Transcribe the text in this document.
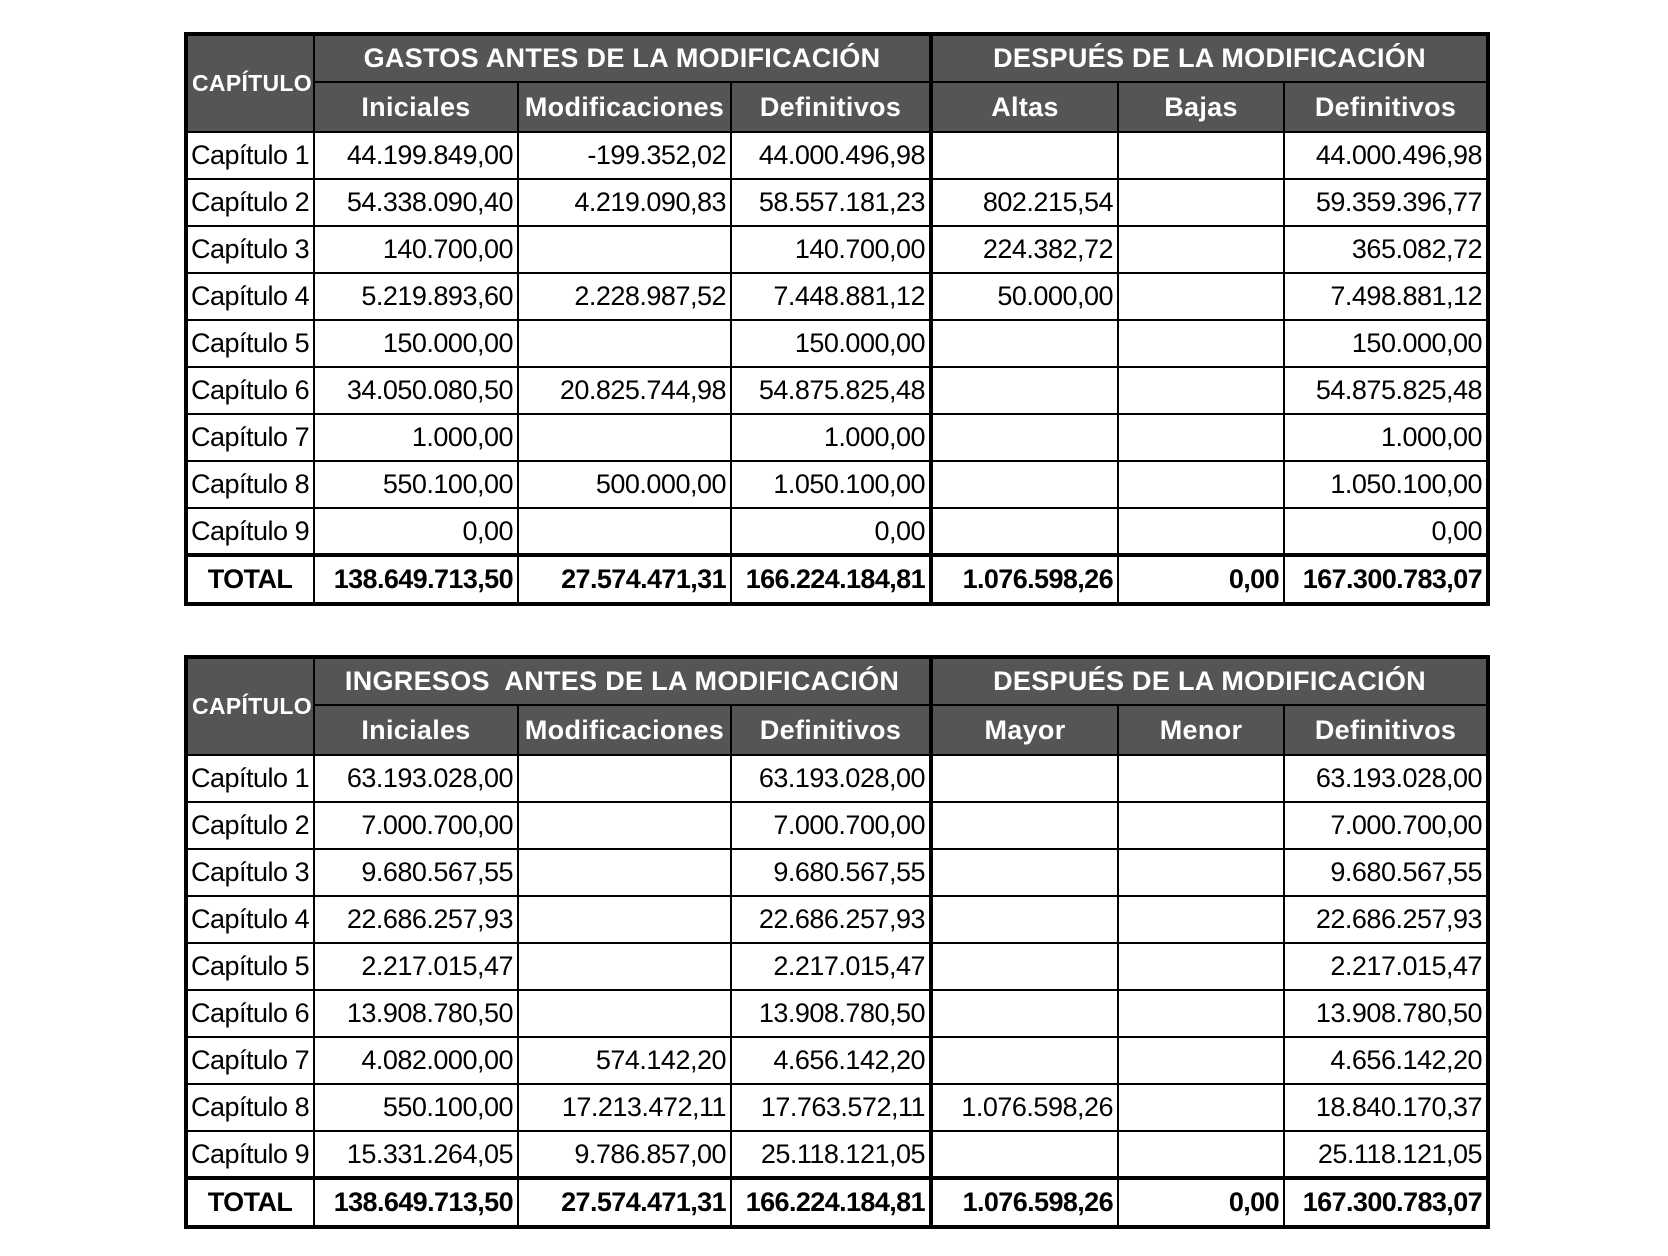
CAPÍTULO	GASTOS ANTES DE LA MODIFICACIÓN			DESPUÉS DE LA MODIFICACIÓN		
	Iniciales	Modificaciones	Definitivos	Altas	Bajas	Definitivos
Capítulo 1	44.199.849,00	-199.352,02	44.000.496,98			44.000.496,98
Capítulo 2	54.338.090,40	4.219.090,83	58.557.181,23	802.215,54		59.359.396,77
Capítulo 3	140.700,00		140.700,00	224.382,72		365.082,72
Capítulo 4	5.219.893,60	2.228.987,52	7.448.881,12	50.000,00		7.498.881,12
Capítulo 5	150.000,00		150.000,00			150.000,00
Capítulo 6	34.050.080,50	20.825.744,98	54.875.825,48			54.875.825,48
Capítulo 7	1.000,00		1.000,00			1.000,00
Capítulo 8	550.100,00	500.000,00	1.050.100,00			1.050.100,00
Capítulo 9	0,00		0,00			0,00
TOTAL	138.649.713,50	27.574.471,31	166.224.184,81	1.076.598,26	0,00	167.300.783,07
CAPÍTULO	INGRESOS  ANTES DE LA MODIFICACIÓN			DESPUÉS DE LA MODIFICACIÓN		
	Iniciales	Modificaciones	Definitivos	Mayor	Menor	Definitivos
Capítulo 1	63.193.028,00		63.193.028,00			63.193.028,00
Capítulo 2	7.000.700,00		7.000.700,00			7.000.700,00
Capítulo 3	9.680.567,55		9.680.567,55			9.680.567,55
Capítulo 4	22.686.257,93		22.686.257,93			22.686.257,93
Capítulo 5	2.217.015,47		2.217.015,47			2.217.015,47
Capítulo 6	13.908.780,50		13.908.780,50			13.908.780,50
Capítulo 7	4.082.000,00	574.142,20	4.656.142,20			4.656.142,20
Capítulo 8	550.100,00	17.213.472,11	17.763.572,11	1.076.598,26		18.840.170,37
Capítulo 9	15.331.264,05	9.786.857,00	25.118.121,05			25.118.121,05
TOTAL	138.649.713,50	27.574.471,31	166.224.184,81	1.076.598,26	0,00	167.300.783,07
